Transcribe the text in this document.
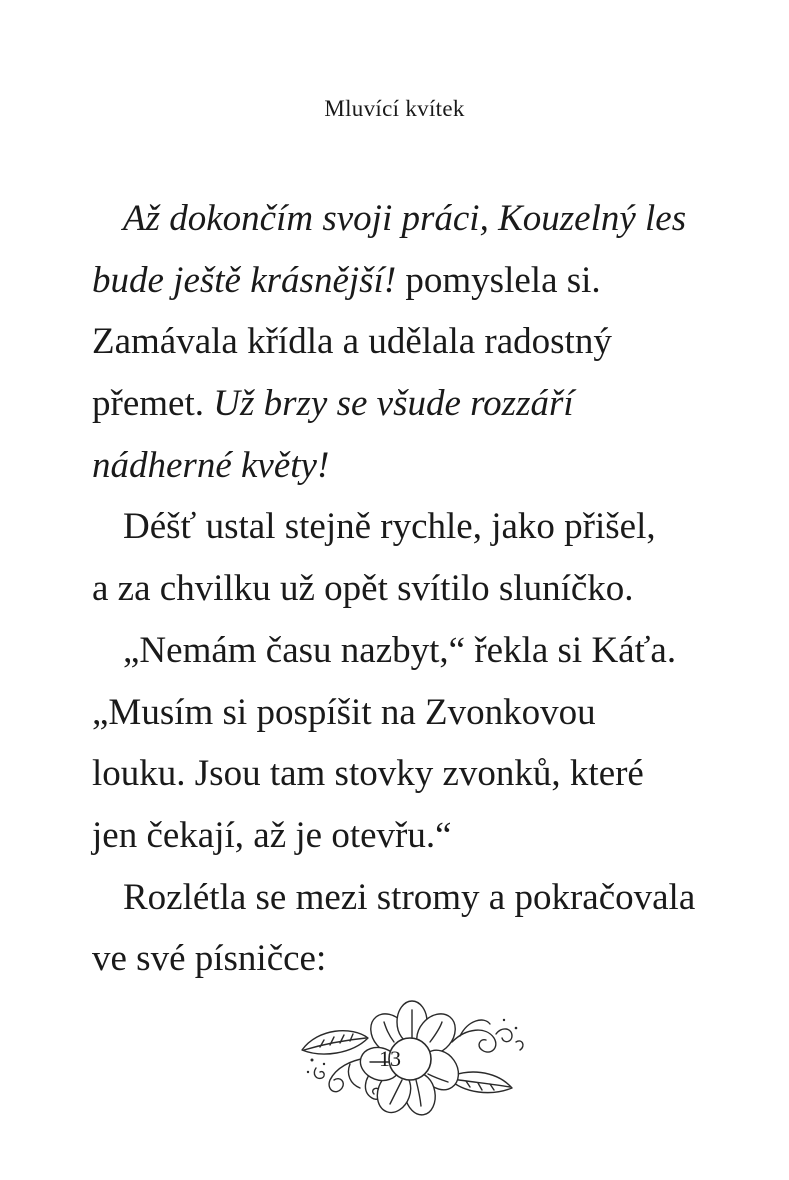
Mluvící kvítek
Až dokončím svoji práci, Kouzelný les
bude ještě krásnější! pomyslela si.
Zamávala křídla a udělala radostný
přemet. Už brzy se všude rozzáří
nádherné květy!
Déšť ustal stejně rychle, jako přišel,
a za chvilku už opět svítilo sluníčko.
„Nemám času nazbyt,“ řekla si Káťa.
„Musím si pospíšit na Zvonkovou
louku. Jsou tam stovky zvonků, které
jen čekají, až je otevřu.“
Rozlétla se mezi stromy a pokračovala
ve své písničce:
13
